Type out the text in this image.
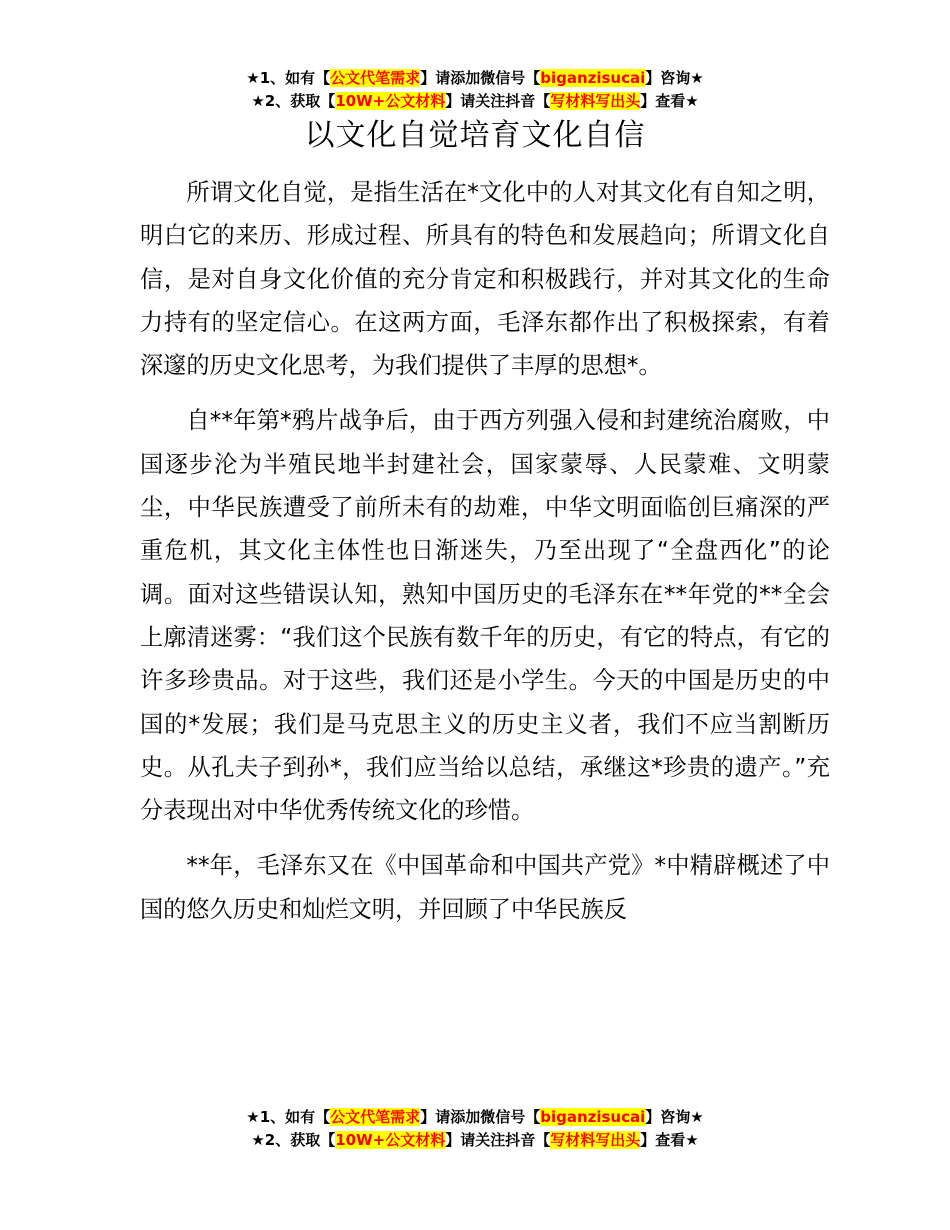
★1、如有【公文代笔需求】请添加微信号【biganzisucai】咨询★
★2、获取【10W+公文材料】请关注抖音【写材料写出头】查看★
以文化自觉培育文化自信

所谓文化自觉，是指生活在*文化中的人对其文化有自知之明，明白它的来历、形成过程、所具有的特色和发展趋向；所谓文化自信，是对自身文化价值的充分肯定和积极践行，并对其文化的生命力持有的坚定信心。在这两方面，毛泽东都作出了积极探索，有着深邃的历史文化思考，为我们提供了丰厚的思想*。

自**年第*鸦片战争后，由于西方列强入侵和封建统治腐败，中国逐步沦为半殖民地半封建社会，国家蒙辱、人民蒙难、文明蒙尘，中华民族遭受了前所未有的劫难，中华文明面临创巨痛深的严重危机，其文化主体性也日渐迷失，乃至出现了“全盘西化”的论调。面对这些错误认知，熟知中国历史的毛泽东在**年党的**全会上廓清迷雾：“我们这个民族有数千年的历史，有它的特点，有它的许多珍贵品。对于这些，我们还是小学生。今天的中国是历史的中国的*发展；我们是马克思主义的历史主义者，我们不应当割断历史。从孔夫子到孙*，我们应当给以总结，承继这*珍贵的遗产。”充分表现出对中华优秀传统文化的珍惜。

**年，毛泽东又在《中国革命和中国共产党》*中精辟概述了中国的悠久历史和灿烂文明，并回顾了中华民族反

★1、如有【公文代笔需求】请添加微信号【biganzisucai】咨询★
★2、获取【10W+公文材料】请关注抖音【写材料写出头】查看★
